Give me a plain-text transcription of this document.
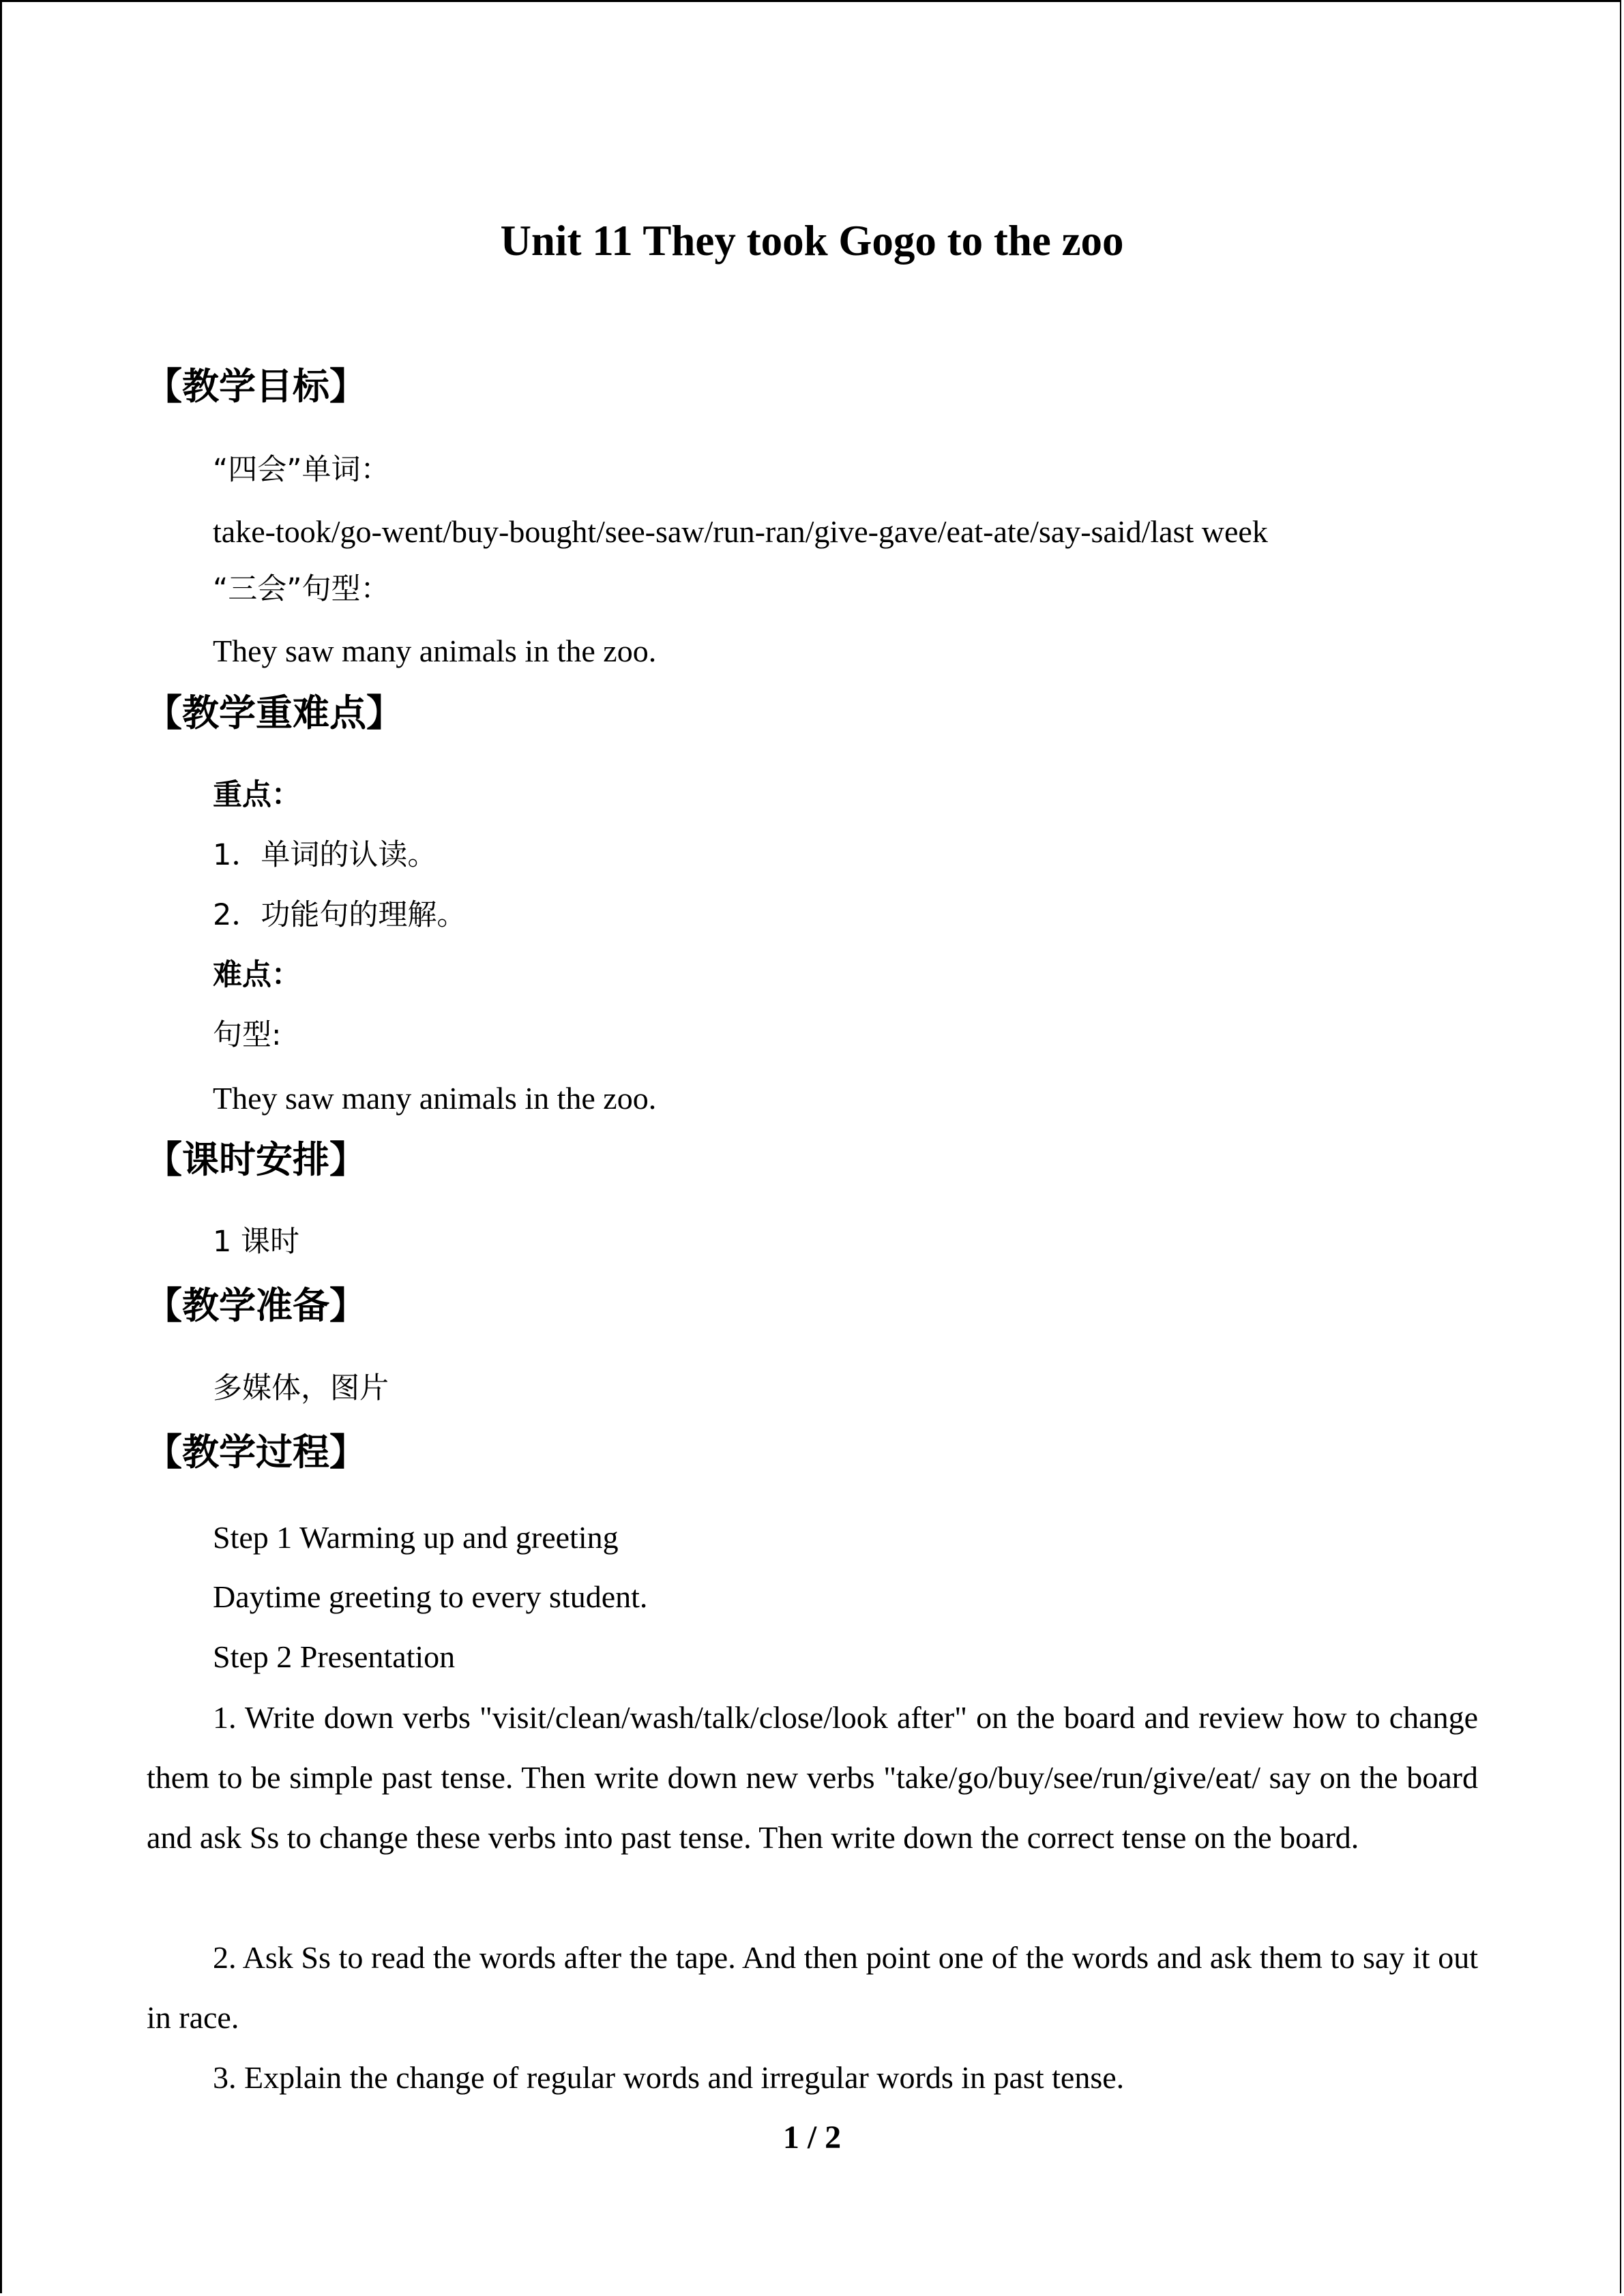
Unit 11 They took Gogo to the zoo
【教学目标】

“四会”单词：

take-took/go-went/buy-bought/see-saw/run-ran/give-gave/eat-ate/say-said/last week

“三会”句型：

They saw many animals in the zoo.

【教学重难点】

重点：

1．单词的认读。

2．功能句的理解。

难点：

句型:

They saw many animals in the zoo.

【课时安排】

1 课时

【教学准备】

多媒体，图片

【教学过程】

Step 1 Warming up and greeting

Daytime greeting to every student.

Step 2 Presentation

1. Write down verbs "visit/clean/wash/talk/close/look after" on the board and review how to change them to be simple past tense. Then write down new verbs "take/go/buy/see/run/give/eat/ say on the board and ask Ss to change these verbs into past tense. Then write down the correct tense on the board.

2. Ask Ss to read the words after the tape. And then point one of the words and ask them to say it out in race.

3. Explain the change of regular words and irregular words in past tense.

1 / 2
